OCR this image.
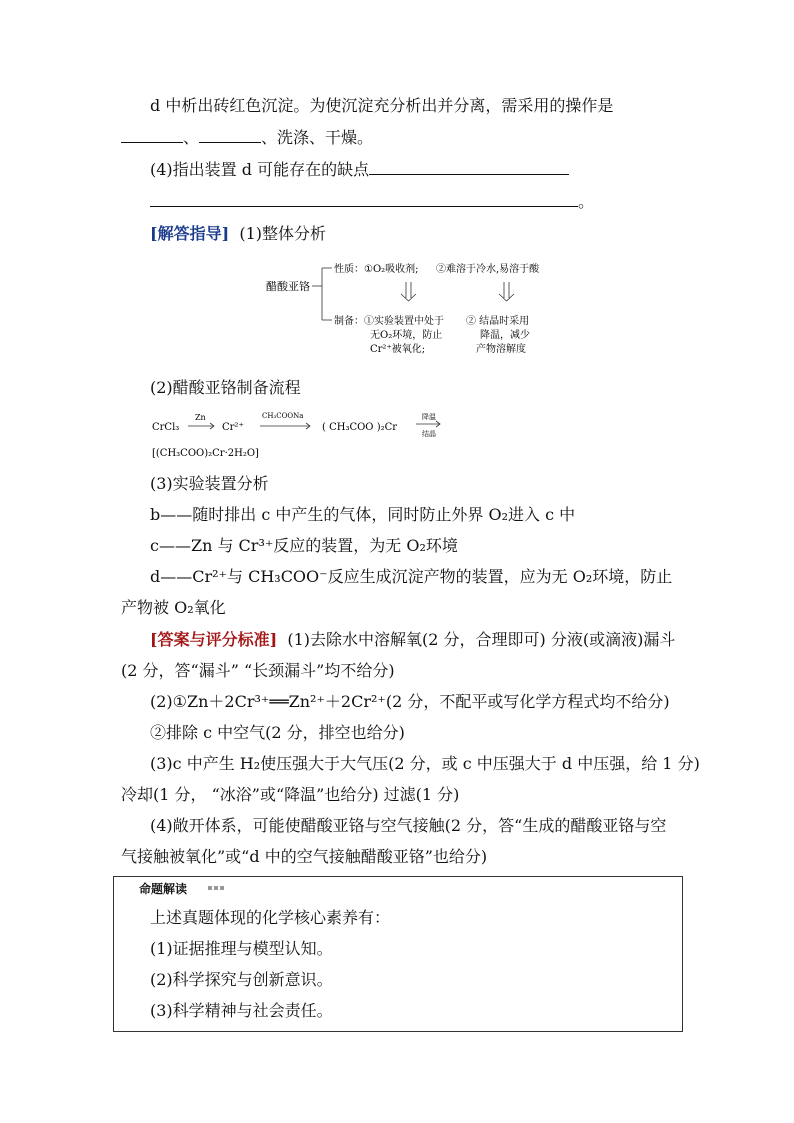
d 中析出砖红色沉淀。为使沉淀充分析出并分离，需采用的操作是
、	、洗涤、干燥。
(4)指出装置 d 可能存在的缺点
。
[解答指导] (1)整体分析
醋酸亚铬
性质： ①O₂吸收剂; ②难溶于冷水,易溶于酸
制备： ①实验装置中处于
无O₂环境，防止
Cr²⁺被氧化;
② 结晶时采用
降温，减少
产物溶解度
(2)醋酸亚铬制备流程
CrCl₃
Zn
Cr²⁺
CH₃COONa
( CH₃COO )₂Cr
降温
结晶
[(CH₃COO)₂Cr·2H₂O]
(3)实验装置分析
b——随时排出 c 中产生的气体，同时防止外界 O₂进入 c 中
c——Zn 与 Cr³⁺反应的装置，为无 O₂环境
d——Cr²⁺与 CH₃COO⁻反应生成沉淀产物的装置，应为无 O₂环境，防止
产物被 O₂氧化
[答案与评分标准] (1)去除水中溶解氧(2 分，合理即可) 分液(或滴液)漏斗
(2 分，答“漏斗” “长颈漏斗”均不给分)
(2)①Zn＋2Cr³⁺══Zn²⁺＋2Cr²⁺(2 分，不配平或写化学方程式均不给分)
②排除 c 中空气(2 分，排空也给分)
(3)c 中产生 H₂使压强大于大气压(2 分，或 c 中压强大于 d 中压强，给 1 分)
冷却(1 分， “冰浴”或“降温”也给分) 过滤(1 分)
(4)敞开体系，可能使醋酸亚铬与空气接触(2 分，答“生成的醋酸亚铬与空
气接触被氧化”或“d 中的空气接触醋酸亚铬”也给分)
命题解读
上述真题体现的化学核心素养有：
(1)证据推理与模型认知。
(2)科学探究与创新意识。
(3)科学精神与社会责任。
